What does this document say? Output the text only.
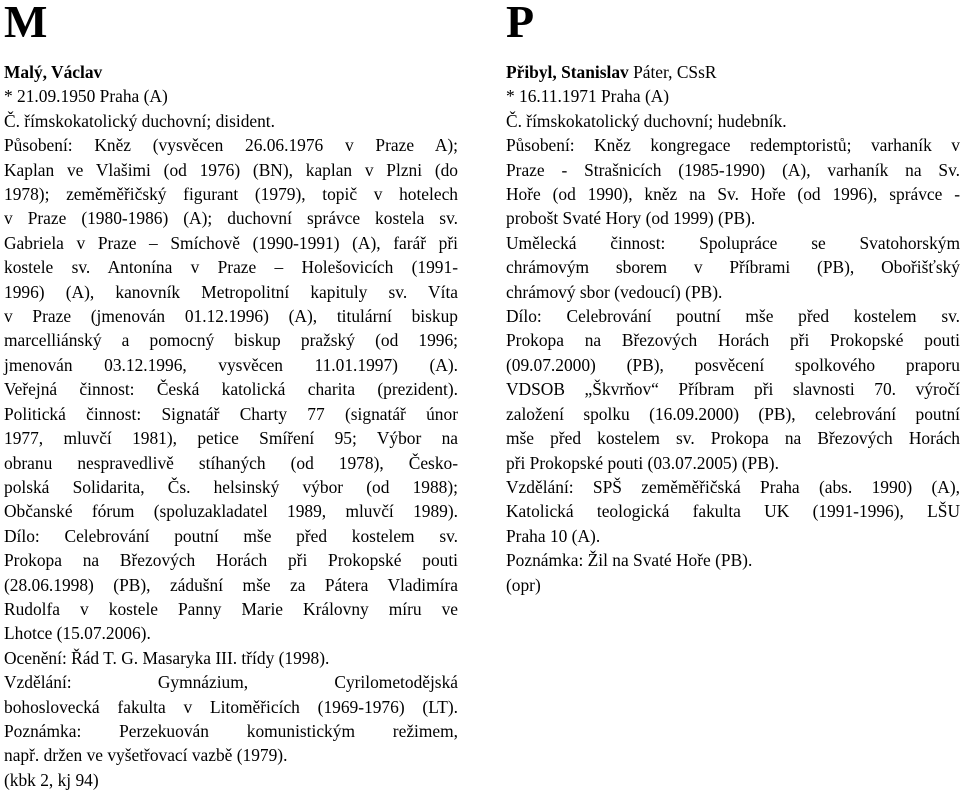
M
Malý, Václav
* 21.09.1950 Praha (A)
Č. římskokatolický duchovní; disident.
Působení: Kněz (vysvěcen 26.06.1976 v Praze A);
Kaplan ve Vlašimi (od 1976) (BN), kaplan v Plzni (do
1978); zeměměřičský figurant (1979), topič v hotelech
v Praze (1980-1986) (A); duchovní správce kostela sv.
Gabriela v Praze – Smíchově (1990-1991) (A), farář při
kostele sv. Antonína v Praze – Holešovicích (1991-
1996) (A), kanovník Metropolitní kapituly sv. Víta
v Praze (jmenován 01.12.1996) (A), titulární biskup
marcelliánský a pomocný biskup pražský (od 1996;
jmenován 03.12.1996, vysvěcen 11.01.1997) (A).
Veřejná činnost: Česká katolická charita (prezident).
Politická činnost: Signatář Charty 77 (signatář únor
1977, mluvčí 1981), petice Smíření 95; Výbor na
obranu nespravedlivě stíhaných (od 1978), Česko-
polská Solidarita, Čs. helsinský výbor (od 1988);
Občanské fórum (spoluzakladatel 1989, mluvčí 1989).
Dílo: Celebrování poutní mše před kostelem sv.
Prokopa na Březových Horách při Prokopské pouti
(28.06.1998) (PB), zádušní mše za Pátera Vladimíra
Rudolfa v kostele Panny Marie Královny míru ve
Lhotce (15.07.2006).
Ocenění: Řád T. G. Masaryka III. třídy (1998).
Vzdělání: Gymnázium, Cyrilometodějská
bohoslovecká fakulta v Litoměřicích (1969-1976) (LT).
Poznámka: Perzekuován komunistickým režimem,
např. držen ve vyšetřovací vazbě (1979).
(kbk 2, kj 94)
P
Přibyl, Stanislav Páter, CSsR
* 16.11.1971 Praha (A)
Č. římskokatolický duchovní; hudebník.
Působení: Kněz kongregace redemptoristů; varhaník v
Praze - Strašnicích (1985-1990) (A), varhaník na Sv.
Hoře (od 1990), kněz na Sv. Hoře (od 1996), správce -
probošt Svaté Hory (od 1999) (PB).
Umělecká činnost: Spolupráce se Svatohorským
chrámovým sborem v Příbrami (PB), Obořišťský
chrámový sbor (vedoucí) (PB).
Dílo: Celebrování poutní mše před kostelem sv.
Prokopa na Březových Horách při Prokopské pouti
(09.07.2000) (PB), posvěcení spolkového praporu
VDSOB „Škvrňov“ Příbram při slavnosti 70. výročí
založení spolku (16.09.2000) (PB), celebrování poutní
mše před kostelem sv. Prokopa na Březových Horách
při Prokopské pouti (03.07.2005) (PB).
Vzdělání: SPŠ zeměměřičská Praha (abs. 1990) (A),
Katolická teologická fakulta UK (1991-1996), LŠU
Praha 10 (A).
Poznámka: Žil na Svaté Hoře (PB).
(opr)
